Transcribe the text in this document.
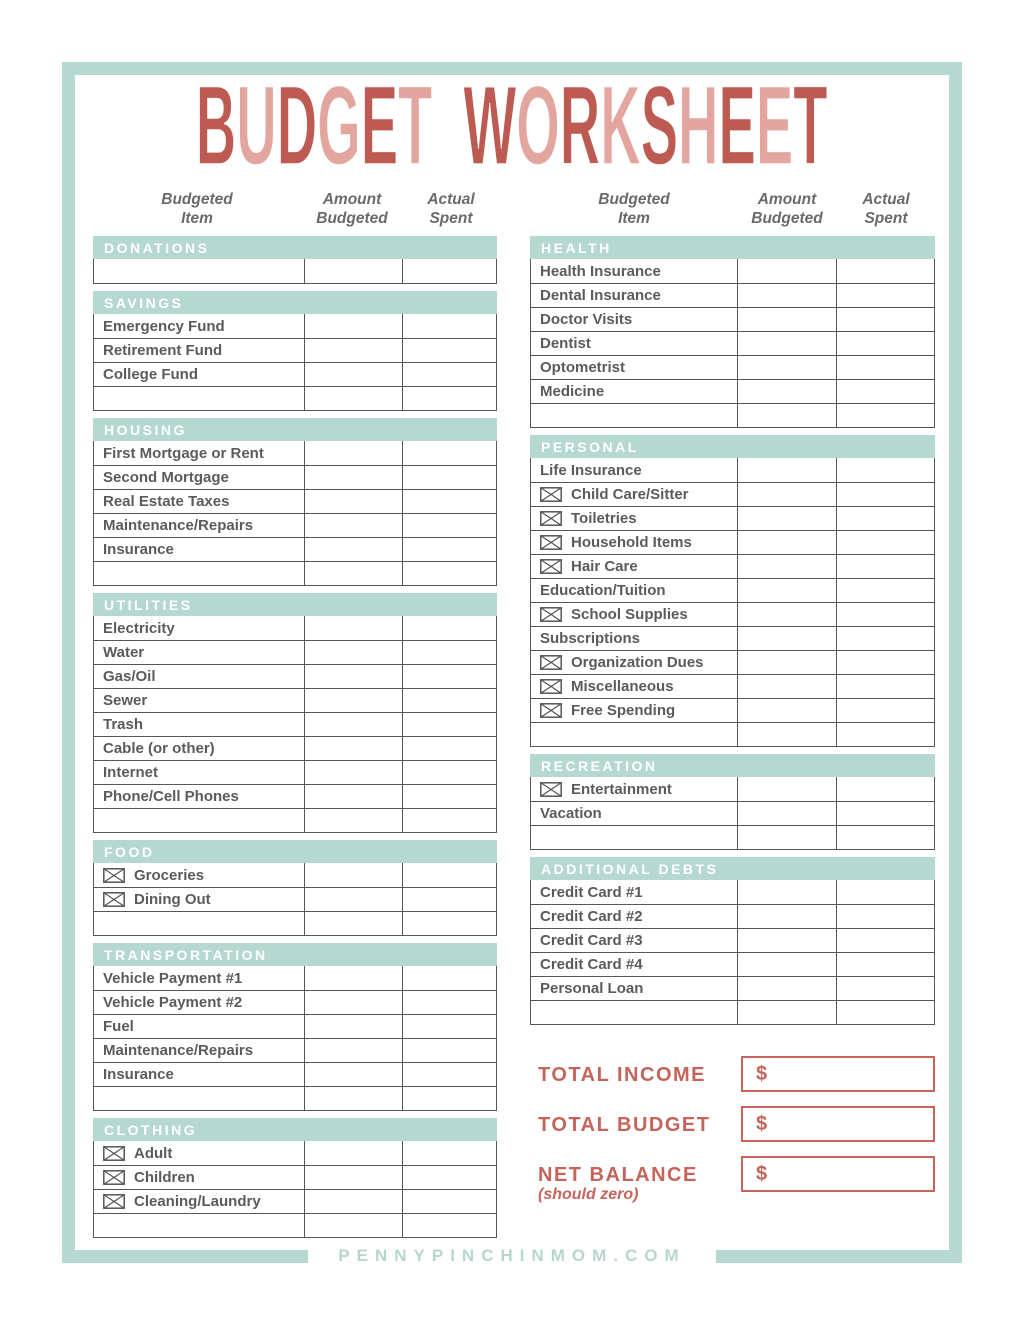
BUDGET WORKSHEET
Budgeted
Item
Amount
Budgeted
Actual
Spent
Budgeted
Item
Amount
Budgeted
Actual
Spent
DONATIONS
SAVINGS
Emergency Fund
Retirement Fund
College Fund
HOUSING
First Mortgage or Rent
Second Mortgage
Real Estate Taxes
Maintenance/Repairs
Insurance
UTILITIES
Electricity
Water
Gas/Oil
Sewer
Trash
Cable (or other)
Internet
Phone/Cell Phones
FOOD
Groceries
Dining Out
TRANSPORTATION
Vehicle Payment #1
Vehicle Payment #2
Fuel
Maintenance/Repairs
Insurance
CLOTHING
Adult
Children
Cleaning/Laundry
HEALTH
Health Insurance
Dental Insurance
Doctor Visits
Dentist
Optometrist
Medicine
PERSONAL
Life Insurance
Child Care/Sitter
Toiletries
Household Items
Hair Care
Education/Tuition
School Supplies
Subscriptions
Organization Dues
Miscellaneous
Free Spending
RECREATION
Entertainment
Vacation
ADDITIONAL DEBTS
Credit Card #1
Credit Card #2
Credit Card #3
Credit Card #4
Personal Loan
TOTAL INCOME	$
TOTAL BUDGET $
NET BALANCE
(should zero)
$
PENNYPINCHINMOM.COM
